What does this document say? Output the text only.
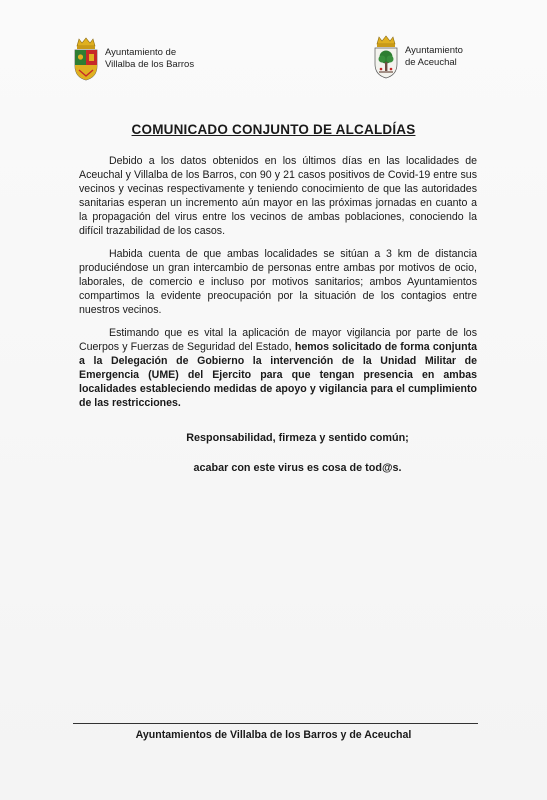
Ayuntamiento de
Villalba de los Barros
Ayuntamiento
de Aceuchal
COMUNICADO CONJUNTO DE ALCALDÍAS

Debido a los datos obtenidos en los últimos días en las localidades de Aceuchal y Villalba de los Barros, con 90 y 21 casos positivos de Covid-19 entre sus vecinos y vecinas respectivamente y teniendo conocimiento de que las autoridades sanitarias esperan un incremento aún mayor en las próximas jornadas en cuanto a la propagación del virus entre los vecinos de ambas poblaciones, conociendo la difícil trazabilidad de los casos.

Habida cuenta de que ambas localidades se sitúan a 3 km de distancia produciéndose un gran intercambio de personas entre ambas por motivos de ocio, laborales, de comercio e incluso por motivos sanitarios; ambos Ayuntamientos compartimos la evidente preocupación por la situación de los contagios entre nuestros vecinos.

Estimando que es vital la aplicación de mayor vigilancia por parte de los Cuerpos y Fuerzas de Seguridad del Estado, hemos solicitado de forma conjunta a la Delegación de Gobierno la intervención de la Unidad Militar de Emergencia (UME) del Ejercito para que tengan presencia en ambas localidades estableciendo medidas de apoyo y vigilancia para el cumplimiento de las restricciones.

Responsabilidad, firmeza y sentido común;
acabar con este virus es cosa de tod@s.
Ayuntamientos de Villalba de los Barros y de Aceuchal
